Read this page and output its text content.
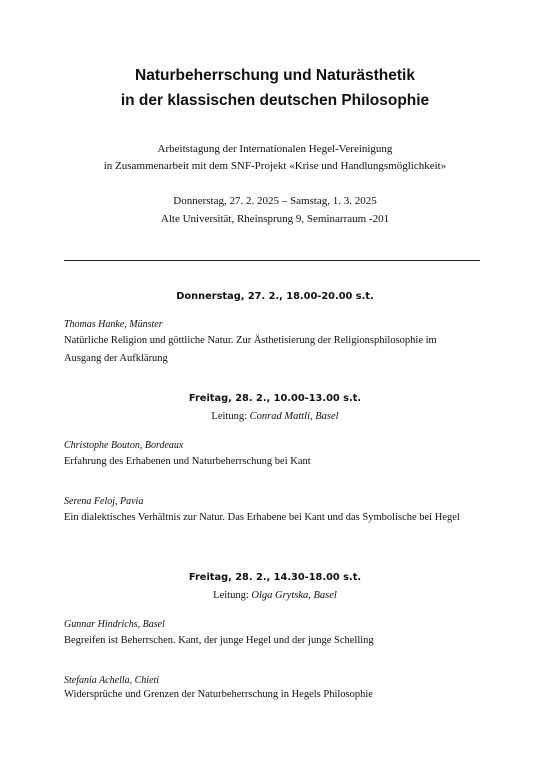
Naturbeherrschung und Naturästhetik

in der klassischen deutschen Philosophie

Arbeitstagung der Internationalen Hegel-Vereinigung

in Zusammenarbeit mit dem SNF-Projekt «Krise und Handlungsmöglichkeit»

Donnerstag, 27. 2. 2025 – Samstag, 1. 3. 2025

Alte Universität, Rheinsprung 9, Seminarraum -201

Donnerstag, 27. 2., 18.00-20.00 s.t.

Thomas Hanke, Münster

Natürliche Religion und göttliche Natur. Zur Ästhetisierung der Religionsphilosophie im

Ausgang der Aufklärung

Freitag, 28. 2., 10.00-13.00 s.t.

Leitung: Conrad Mattli, Basel

Christophe Bouton, Bordeaux

Erfahrung des Erhabenen und Naturbeherrschung bei Kant

Serena Feloj, Pavia

Ein dialektisches Verhältnis zur Natur. Das Erhabene bei Kant und das Symbolische bei Hegel

Freitag, 28. 2., 14.30-18.00 s.t.

Leitung: Olga Grytska, Basel

Gunnar Hindrichs, Basel

Begreifen ist Beherrschen. Kant, der junge Hegel und der junge Schelling

Stefania Achella, Chieti

Widersprüche und Grenzen der Naturbeherrschung in Hegels Philosophie
